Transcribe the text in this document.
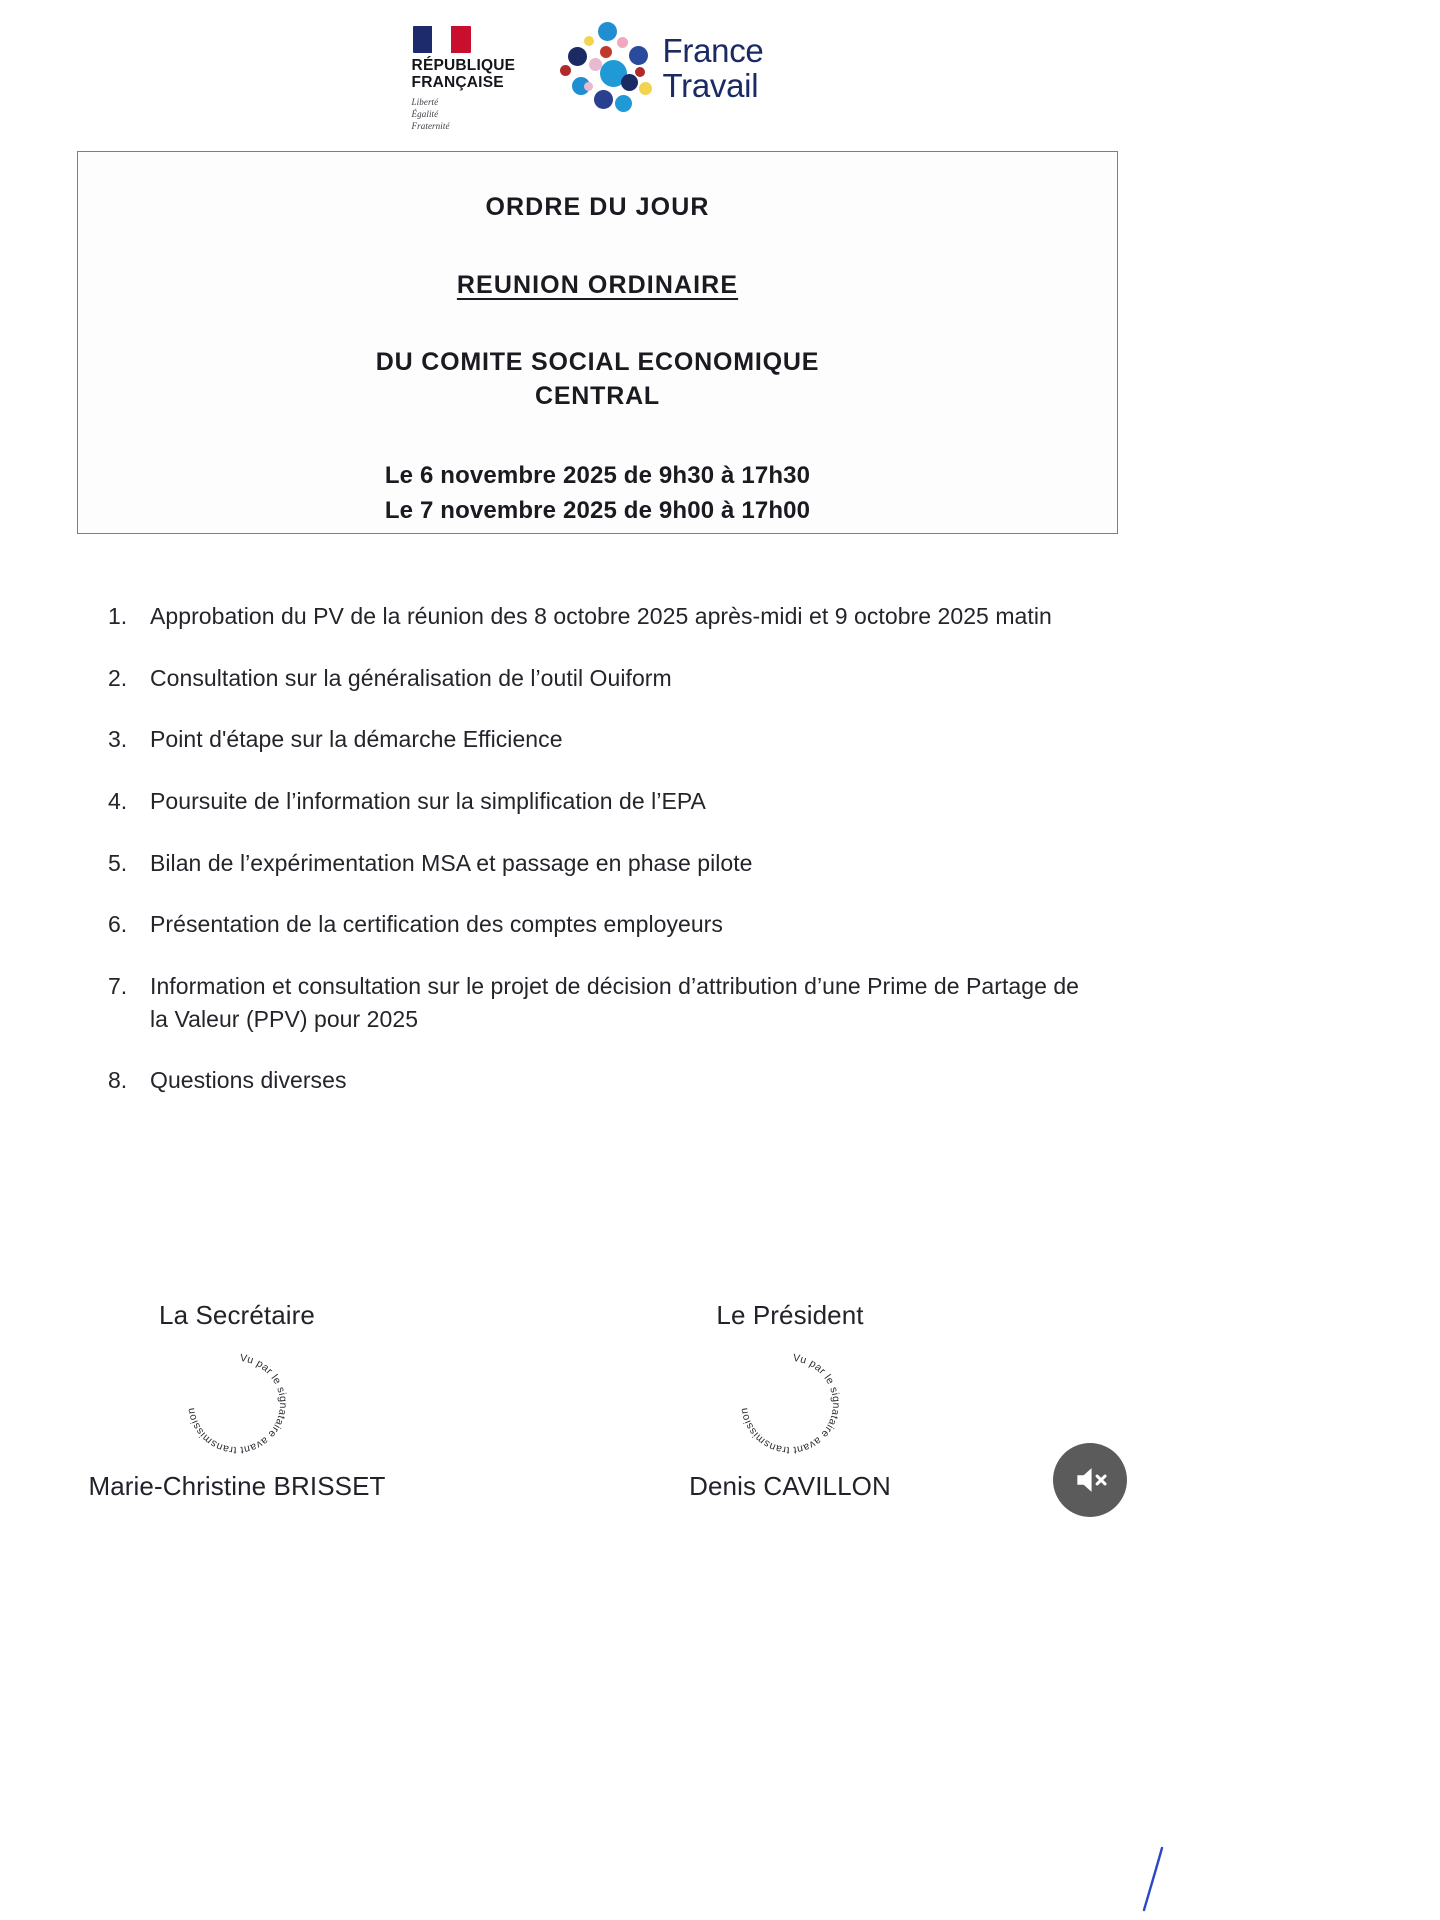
RÉPUBLIQUE
FRANÇAISE
Liberté
Égalité
Fraternité
France
Travail
ORDRE DU JOUR
REUNION ORDINAIRE
DU COMITE SOCIAL ECONOMIQUE
CENTRAL
Le 6 novembre 2025 de 9h30 à 17h30
Le 7 novembre 2025 de 9h00 à 17h00
1. Approbation du PV de la réunion des 8 octobre 2025 après-midi et 9 octobre 2025 matin
2. Consultation sur la généralisation de l’outil Ouiform
3. Point d'étape sur la démarche Efficience
4. Poursuite de l’information sur la simplification de l’EPA
5. Bilan de l’expérimentation MSA et passage en phase pilote
6. Présentation de la certification des comptes employeurs
7. Information et consultation sur le projet de décision d’attribution d’une Prime de Partage de la Valeur (PPV) pour 2025
8. Questions diverses
La Secrétaire
Vu par le signataire avant transmission
Marie-Christine BRISSET
Le Président
Vu par le signataire avant transmission
Denis CAVILLON
